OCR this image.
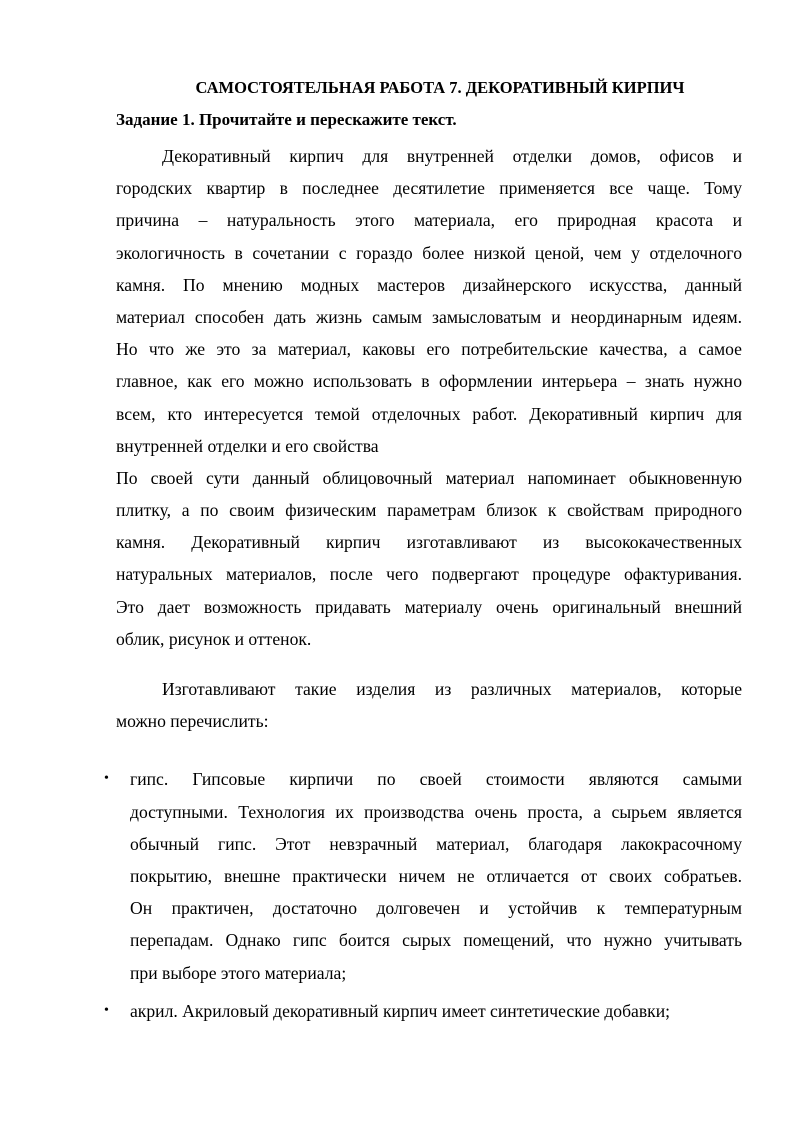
САМОСТОЯТЕЛЬНАЯ РАБОТА 7. ДЕКОРАТИВНЫЙ КИРПИЧ
Задание 1. Прочитайте и перескажите текст.
Декоративный кирпич для внутренней отделки домов, офисов и
городских квартир в последнее десятилетие применяется все чаще. Тому
причина – натуральность этого материала, его природная красота и
экологичность в сочетании с гораздо более низкой ценой, чем у отделочного
камня. По мнению модных мастеров дизайнерского искусства, данный
материал способен дать жизнь самым замысловатым и неординарным идеям.
Но что же это за материал, каковы его потребительские качества, а самое
главное, как его можно использовать в оформлении интерьера – знать нужно
всем, кто интересуется темой отделочных работ. Декоративный кирпич для
внутренней отделки и его свойства
По своей сути данный облицовочный материал напоминает обыкновенную
плитку, а по своим физическим параметрам близок к свойствам природного
камня. Декоративный кирпич изготавливают из высококачественных
натуральных материалов, после чего подвергают процедуре офактуривания.
Это дает возможность придавать материалу очень оригинальный внешний
облик, рисунок и оттенок.
Изготавливают такие изделия из различных материалов, которые
можно перечислить:
• гипс. Гипсовые кирпичи по своей стоимости являются самыми
доступными. Технология их производства очень проста, а сырьем является
обычный гипс. Этот невзрачный материал, благодаря лакокрасочному
покрытию, внешне практически ничем не отличается от своих собратьев.
Он практичен, достаточно долговечен и устойчив к температурным
перепадам. Однако гипс боится сырых помещений, что нужно учитывать
при выборе этого материала;
• акрил. Акриловый декоративный кирпич имеет синтетические добавки;
